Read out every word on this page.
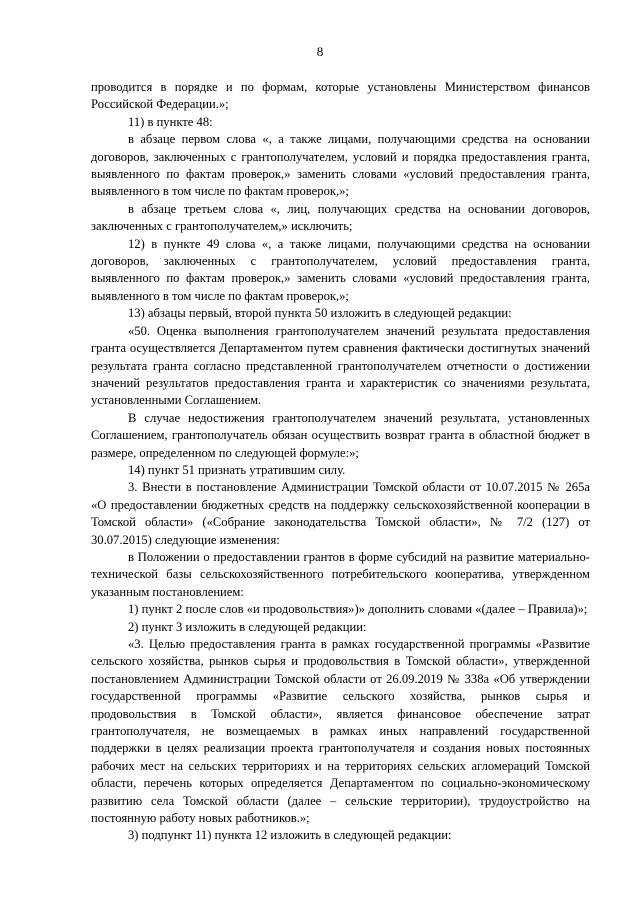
8

проводится в порядке и по формам, которые установлены Министерством финансов Российской Федерации.»;

11) в пункте 48:

в абзаце первом слова «, а также лицами, получающими средства на основании договоров, заключенных с грантополучателем, условий и порядка предоставления гранта, выявленного по фактам проверок,» заменить словами «условий предоставления гранта, выявленного в том числе по фактам проверок,»;

в абзаце третьем слова «, лиц, получающих средства на основании договоров, заключенных с грантополучателем,» исключить;

12) в пункте 49 слова «, а также лицами, получающими средства на основании договоров, заключенных с грантополучателем, условий предоставления гранта, выявленного по фактам проверок,» заменить словами «условий предоставления гранта, выявленного в том числе по фактам проверок,»;

13) абзацы первый, второй пункта 50 изложить в следующей редакции:

«50. Оценка выполнения грантополучателем значений результата предоставления гранта осуществляется Департаментом путем сравнения фактически достигнутых значений результата гранта согласно представленной грантополучателем отчетности о достижении значений результатов предоставления гранта и характеристик со значениями результата, установленными Соглашением.

В случае недостижения грантополучателем значений результата, установленных Соглашением, грантополучатель обязан осуществить возврат гранта в областной бюджет в размере, определенном по следующей формуле:»;

14) пункт 51 признать утратившим силу.

3. Внести в постановление Администрации Томской области от 10.07.2015 № 265а «О предоставлении бюджетных средств на поддержку сельскохозяйственной кооперации в Томской области» («Собрание законодательства Томской области», № 7/2 (127) от 30.07.2015) следующие изменения:

в Положении о предоставлении грантов в форме субсидий на развитие материально-технической базы сельскохозяйственного потребительского кооператива, утвержденном указанным постановлением:

1) пункт 2 после слов «и продовольствия»)» дополнить словами «(далее – Правила)»;

2) пункт 3 изложить в следующей редакции:

«3. Целью предоставления гранта в рамках государственной программы «Развитие сельского хозяйства, рынков сырья и продовольствия в Томской области», утвержденной постановлением Администрации Томской области от 26.09.2019 № 338а «Об утверждении государственной программы «Развитие сельского хозяйства, рынков сырья и продовольствия в Томской области», является финансовое обеспечение затрат грантополучателя, не возмещаемых в рамках иных направлений государственной поддержки в целях реализации проекта грантополучателя и создания новых постоянных рабочих мест на сельских территориях и на территориях сельских агломераций Томской области, перечень которых определяется Департаментом по социально-экономическому развитию села Томской области (далее – сельские территории), трудоустройство на постоянную работу новых работников.»;

3) подпункт 11) пункта 12 изложить в следующей редакции:
